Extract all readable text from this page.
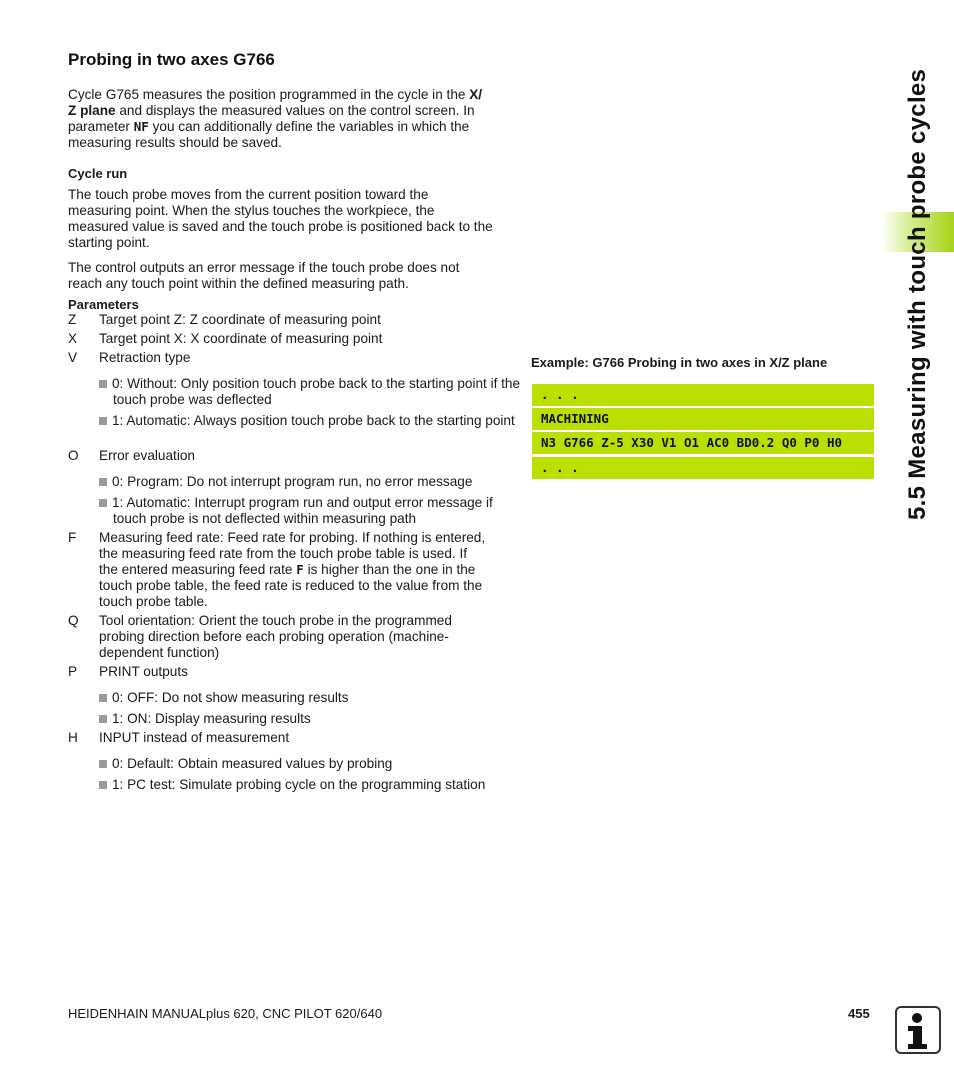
Probing in two axes G766
Cycle G765 measures the position programmed in the cycle in the X/
Z plane and displays the measured values on the control screen. In
parameter NF you can additionally define the variables in which the
measuring results should be saved.
Cycle run
The touch probe moves from the current position toward the
measuring point. When the stylus touches the workpiece, the
measured value is saved and the touch probe is positioned back to the
starting point.
The control outputs an error message if the touch probe does not
reach any touch point within the defined measuring path.
Parameters
Z	Target point Z: Z coordinate of measuring point
X	Target point X: X coordinate of measuring point
V	Retraction type
0: Without: Only position touch probe back to the starting point if the touch probe was deflected
1: Automatic: Always position touch probe back to the starting point
O	Error evaluation
0: Program: Do not interrupt program run, no error message
1: Automatic: Interrupt program run and output error message if touch probe is not deflected within measuring path
F	Measuring feed rate: Feed rate for probing. If nothing is entered,
the measuring feed rate from the touch probe table is used. If
the entered measuring feed rate F is higher than the one in the
touch probe table, the feed rate is reduced to the value from the
touch probe table.
Q	Tool orientation: Orient the touch probe in the programmed probing direction before each probing operation (machine-dependent function)
P	PRINT outputs
0: OFF: Do not show measuring results
1: ON: Display measuring results
H	INPUT instead of measurement
0: Default: Obtain measured values by probing
1: PC test: Simulate probing cycle on the programming station
Example: G766 Probing in two axes in X/Z plane
. . .
MACHINING
N3 G766 Z-5 X30 V1 O1 AC0 BD0.2 Q0 P0 H0
. . .	5.5 Measuring with touch probe cycles
HEIDENHAIN MANUALplus 620, CNC PILOT 620/640	455
